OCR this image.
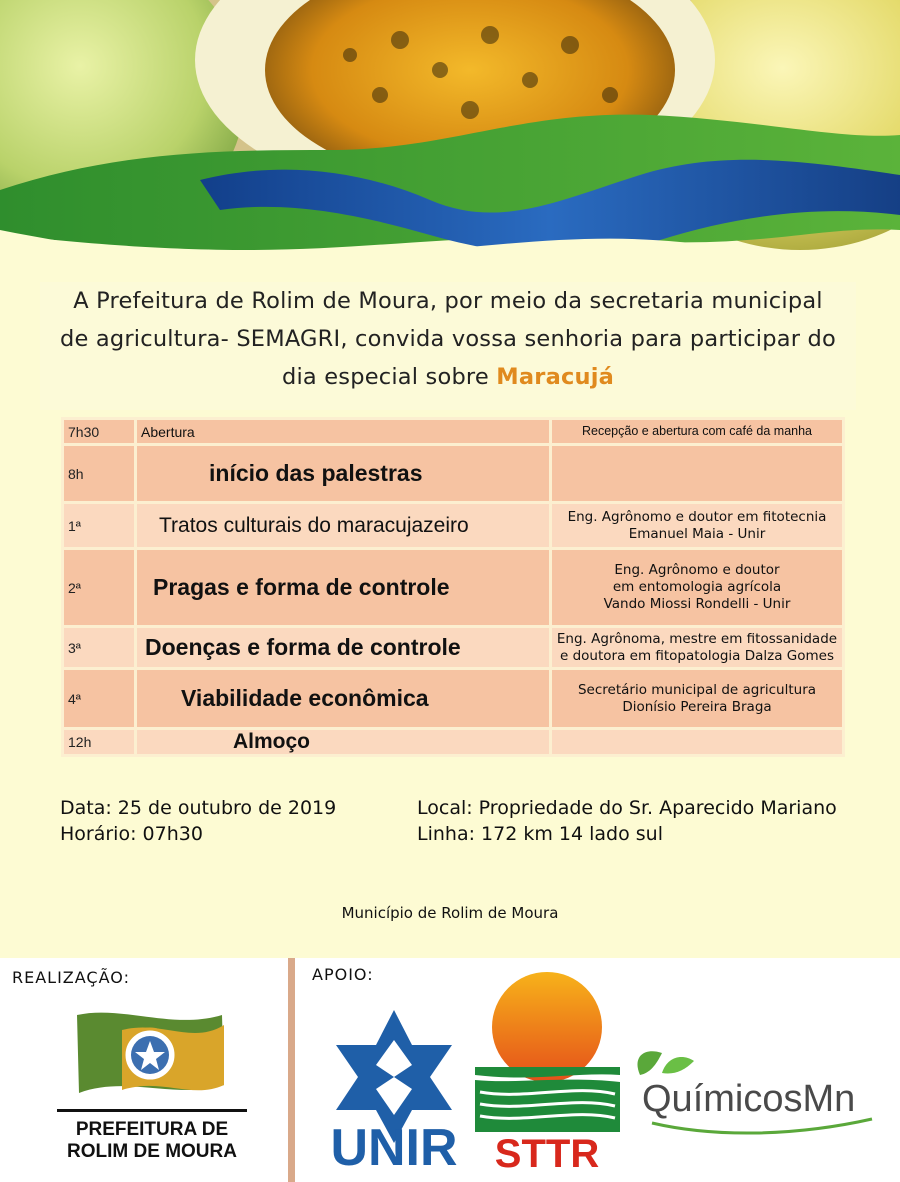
A Prefeitura de Rolim de Moura, por meio da secretaria municipal
de agricultura- SEMAGRI, convida vossa senhoria para participar do
dia especial sobre Maracujá
7h30	Abertura	Recepção e abertura com café da manha
8h	início das palestras	
1ª	Tratos culturais do maracujazeiro	Eng. Agrônomo e doutor em fitotecnia
Emanuel Maia - Unir

2ª	Pragas e forma de controle	Eng. Agrônomo e doutor
em entomologia agrícola
Vando Miossi Rondelli - Unir

3ª	Doenças e forma de controle	Eng. Agrônoma, mestre em fitossanidade
e doutora em fitopatologia Dalza Gomes

4ª	Viabilidade econômica	Secretário municipal de agricultura
Dionísio Pereira Braga

12h	Almoço	
Data: 25 de outubro de 2019
Horário: 07h30
Local: Propriedade do Sr. Aparecido Mariano
Linha: 172 km 14 lado sul
Município de Rolim de Moura
REALIZAÇÃO:	APOIO:
PREFEITURA DE
ROLIM DE MOURA UNIR STTR
QuímicosMn
